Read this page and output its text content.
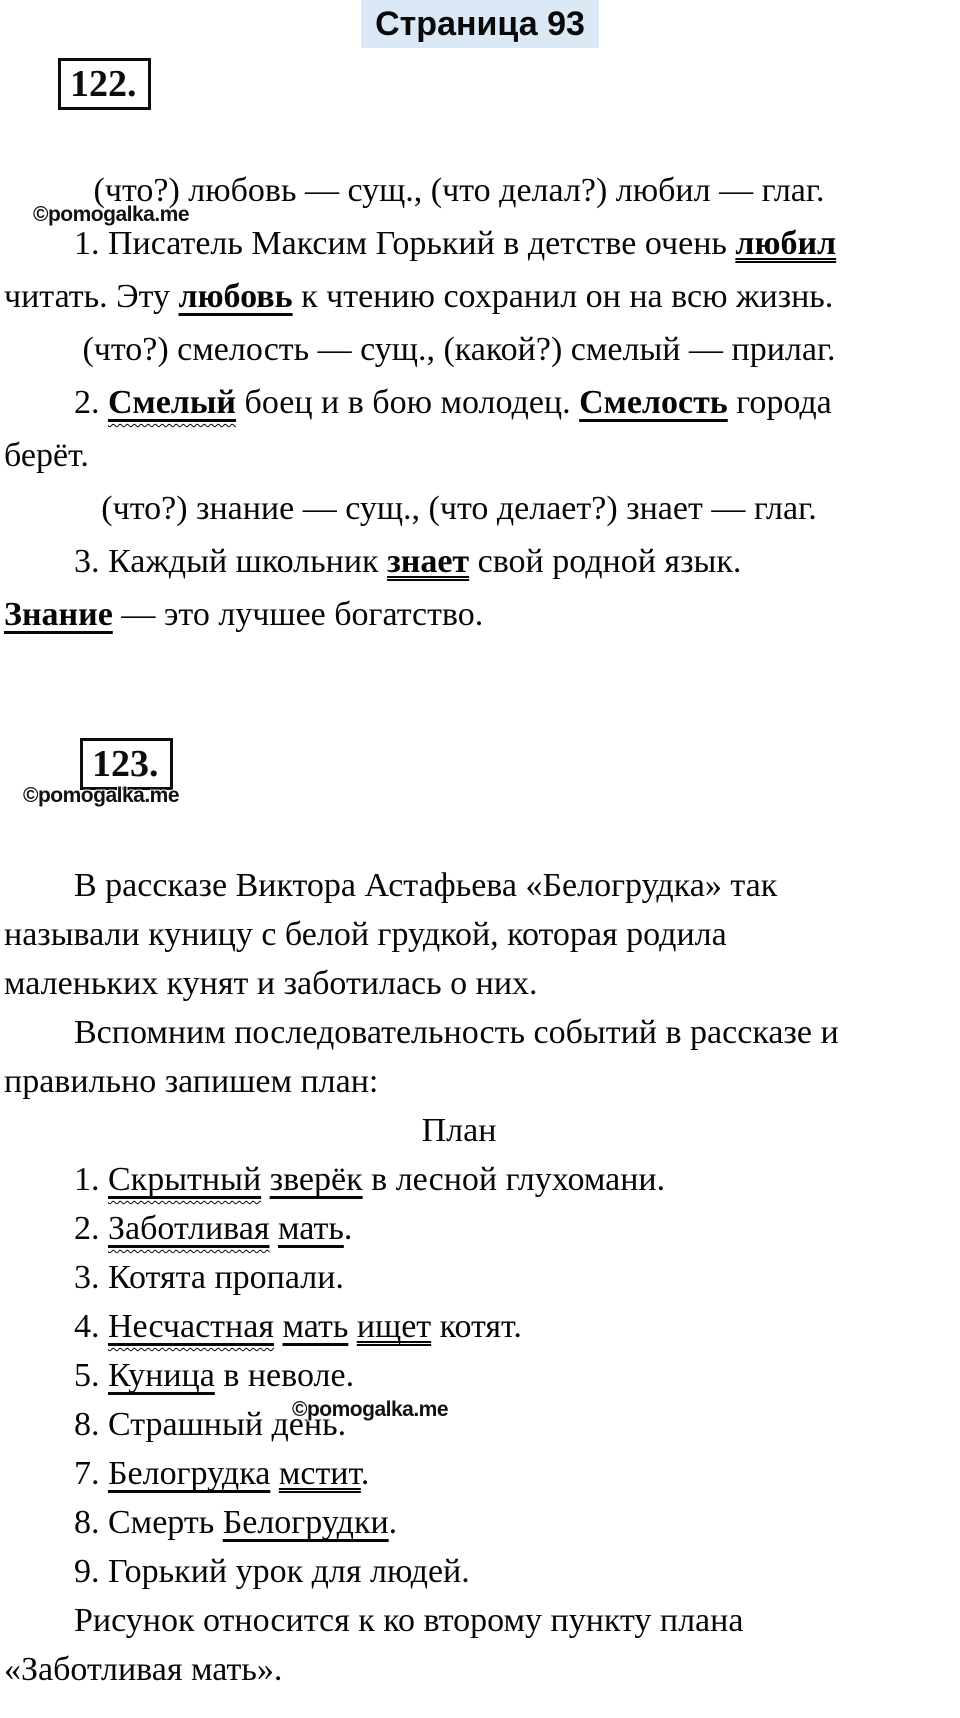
Страница 93
122.
(что?) любовь — сущ., (что делал?) любил — глаг.
1. Писатель Максим Горький в детстве очень любил
читать. Эту любовь к чтению сохранил он на всю жизнь.
(что?) смелость — сущ., (какой?) смелый — прилаг.
2. Смелый боец и в бою молодец. Смелость города
берёт.
(что?) знание — сущ., (что делает?) знает — глаг.
3. Каждый школьник знает свой родной язык.
Знание — это лучшее богатство.
123.
В рассказе Виктора Астафьева «Белогрудка» так
называли куницу с белой грудкой, которая родила
маленьких кунят и заботилась о них.
Вспомним последовательность событий в рассказе и
правильно запишем план:
План
1. Скрытный зверёк в лесной глухомани.
2. Заботливая мать.
3. Котята пропали.
4. Несчастная мать ищет котят.
5. Куница в неволе.
8. Страшный день.
7. Белогрудка мстит.
8. Смерть Белогрудки.
9. Горький урок для людей.
Рисунок относится к ко второму пункту плана
«Заботливая мать».
©pomogalka.me
©pomogalka.me
©pomogalka.me
